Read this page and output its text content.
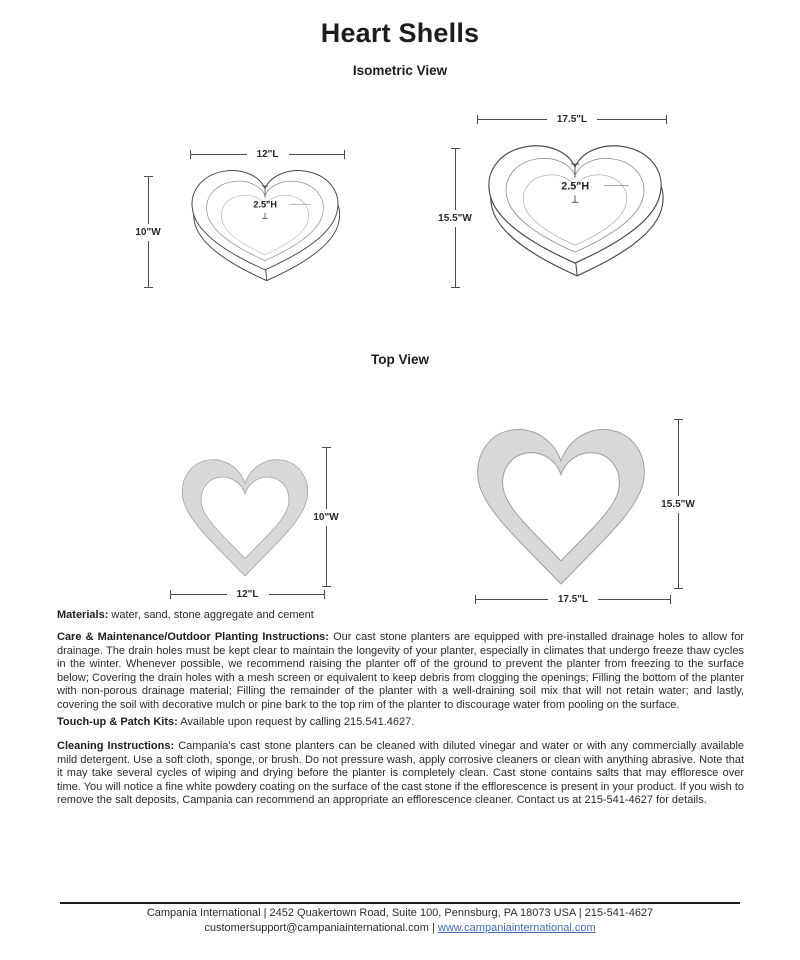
Heart Shells
Isometric View
12"L
10"W
2.5"H
17.5"L
15.5"W
2.5"H
Top View
10"W
12"L
15.5"W
17.5"L

Materials: water, sand, stone aggregate and cement

Care & Maintenance/Outdoor Planting Instructions: Our cast stone planters are equipped with pre-installed drainage holes to allow for drainage. The drain holes must be kept clear to maintain the longevity of your planter, especially in climates that undergo freeze thaw cycles in the winter. Whenever possible, we recommend raising the planter off of the ground to prevent the planter from freezing to the surface below; Covering the drain holes with a mesh screen or equivalent to keep debris from clogging the openings; Filling the bottom of the planter with non-porous drainage material; Filling the remainder of the planter with a well-draining soil mix that will not retain water; and lastly, covering the soil with decorative mulch or pine bark to the top rim of the planter to discourage water from pooling on the surface.

Touch-up & Patch Kits: Available upon request by calling 215.541.4627.

Cleaning Instructions: Campania's cast stone planters can be cleaned with diluted vinegar and water or with any commercially available mild detergent. Use a soft cloth, sponge, or brush. Do not pressure wash, apply corrosive cleaners or clean with anything abrasive. Note that it may take several cycles of wiping and drying before the planter is completely clean. Cast stone contains salts that may effloresce over time. You will notice a fine white powdery coating on the surface of the cast stone if the efflorescence is present in your product. If you wish to remove the salt deposits, Campania can recommend an appropriate an efflorescence cleaner. Contact us at 215-541-4627 for details.

Campania International | 2452 Quakertown Road, Suite 100, Pennsburg, PA 18073 USA | 215-541-4627
customersupport@campaniainternational.com | www.campaniainternational.com
